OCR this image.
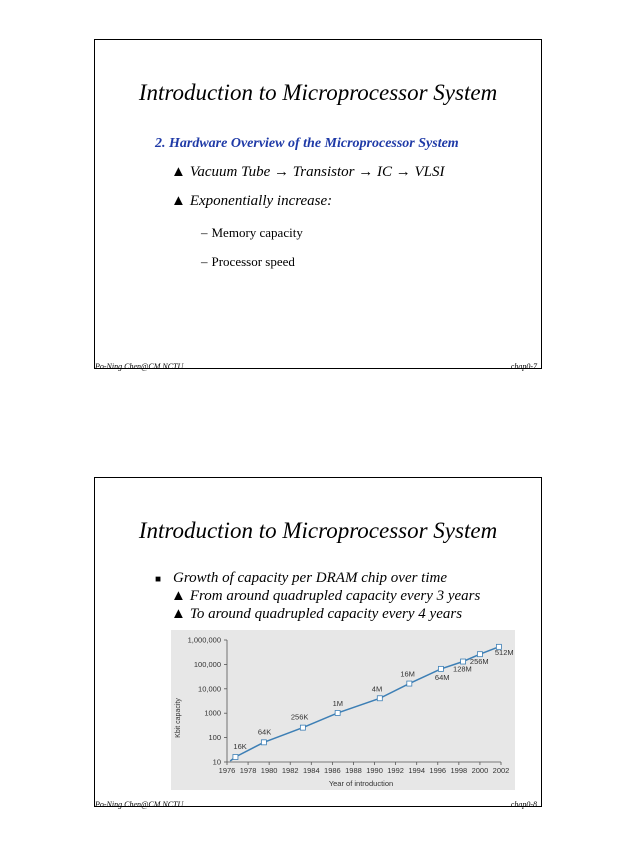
Introduction to Microprocessor System
2. Hardware Overview of the Microprocessor System
▲ Vacuum Tube → Transistor → IC → VLSI
▲ Exponentially increase:
– Memory capacity
– Processor speed
Po-Ning Chen@CM.NCTU	chap0-7
Introduction to Microprocessor System
■ Growth of capacity per DRAM chip over time
▲ From around quadrupled capacity every 3 years
▲ To around quadrupled capacity every 4 years
10
100
1000
10,000
100,000
1,000,000
1976 1978 1980 1982 1984 1986 1988 1990 1992 1994 1996 1998 2000 2002
16K
64K
256K
1M
4M
16M	64M
128M
256M
512M
Kbit capacity
Year of introduction
Po-Ning Chen@CM.NCTU	chap0-8
